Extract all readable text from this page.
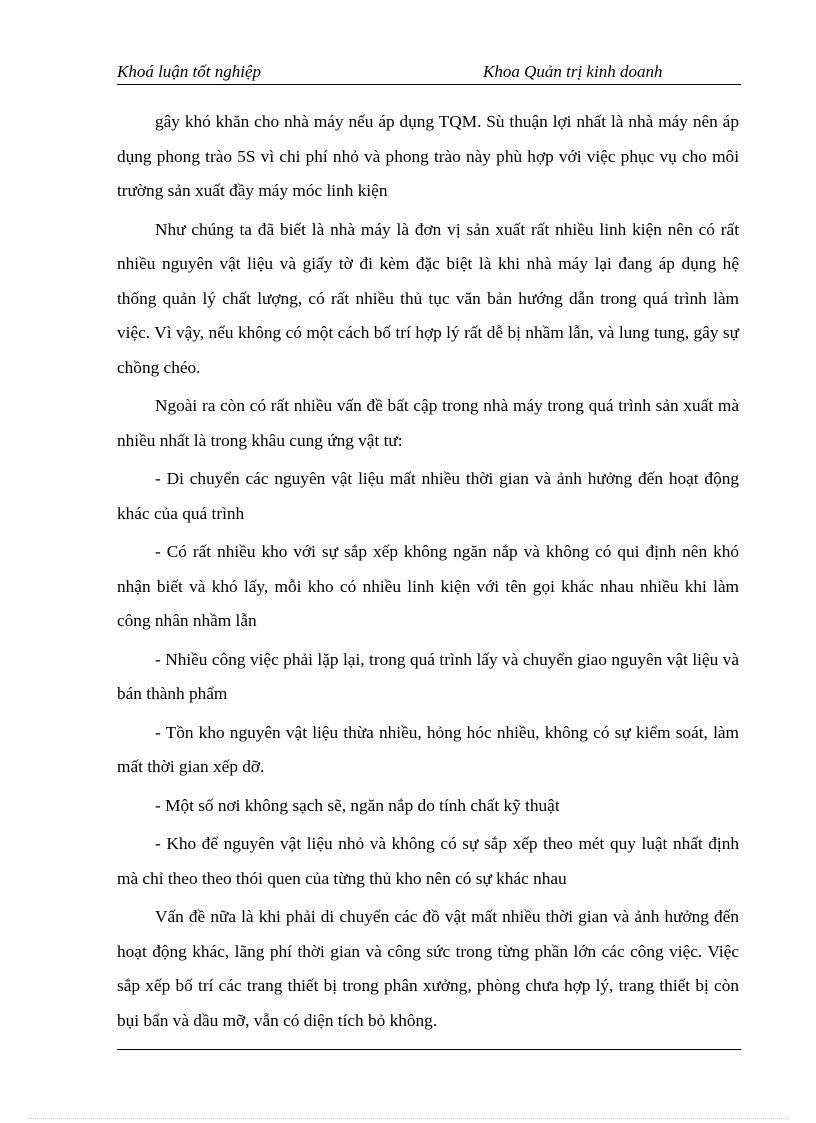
Khoá luận tốt nghiệp	Khoa Quản trị kinh doanh

gây khó khăn cho nhà máy nếu áp dụng TQM. Sù thuận lợi nhất là nhà máy nên áp dụng phong trào 5S vì chi phí nhỏ và phong trào này phù hợp với việc phục vụ cho môi trường sản xuất đầy máy móc linh kiện

Như chúng ta đã biết là nhà máy là đơn vị sản xuất rất nhiều linh kiện nên có rất nhiều nguyên vật liệu và giấy tờ đi kèm đặc biệt là khi nhà máy lại đang áp dụng hệ thống quản lý chất lượng, có rất nhiều thủ tục văn bản hướng dẫn trong quá trình làm việc. Vì vậy, nếu không có một cách bố trí hợp lý rất dễ bị nhầm lẫn, và lung tung, gây sự chồng chéo.

Ngoài ra còn có rất nhiều vấn đề bất cập trong nhà máy trong quá trình sản xuất mà nhiều nhất là trong khâu cung ứng vật tư:

- Di chuyển các nguyên vật liệu mất nhiều thời gian và ảnh hưởng đến hoạt động khác của quá trình

- Có rất nhiều kho với sự sắp xếp không ngăn nắp và không có qui định nên khó nhận biết và khó lấy, mỗi kho có nhiều linh kiện với tên gọi khác nhau nhiều khi làm công nhân nhầm lẫn

- Nhiều công việc phải lặp lại, trong quá trình lấy và chuyển giao nguyên vật liệu và bán thành phẩm

- Tồn kho nguyên vật liệu thừa nhiều, hỏng hóc nhiều, không có sự kiểm soát, làm mất thời gian xếp dỡ.

- Một số nơi không sạch sẽ, ngăn nắp do tính chất kỹ thuật

- Kho để nguyên vật liệu nhỏ và không có sự sắp xếp theo mét quy luật nhất định mà chỉ theo theo thói quen của từng thủ kho nên có sự khác nhau

Vấn đề nữa là khi phải di chuyển các đồ vật mất nhiều thời gian và ảnh hưởng đến hoạt động khác, lãng phí thời gian và công sức trong từng phần lớn các công việc. Việc sắp xếp bố trí các trang thiết bị trong phân xưởng, phòng chưa hợp lý, trang thiết bị còn bụi bẩn và dầu mỡ, vẫn có diện tích bỏ không.
